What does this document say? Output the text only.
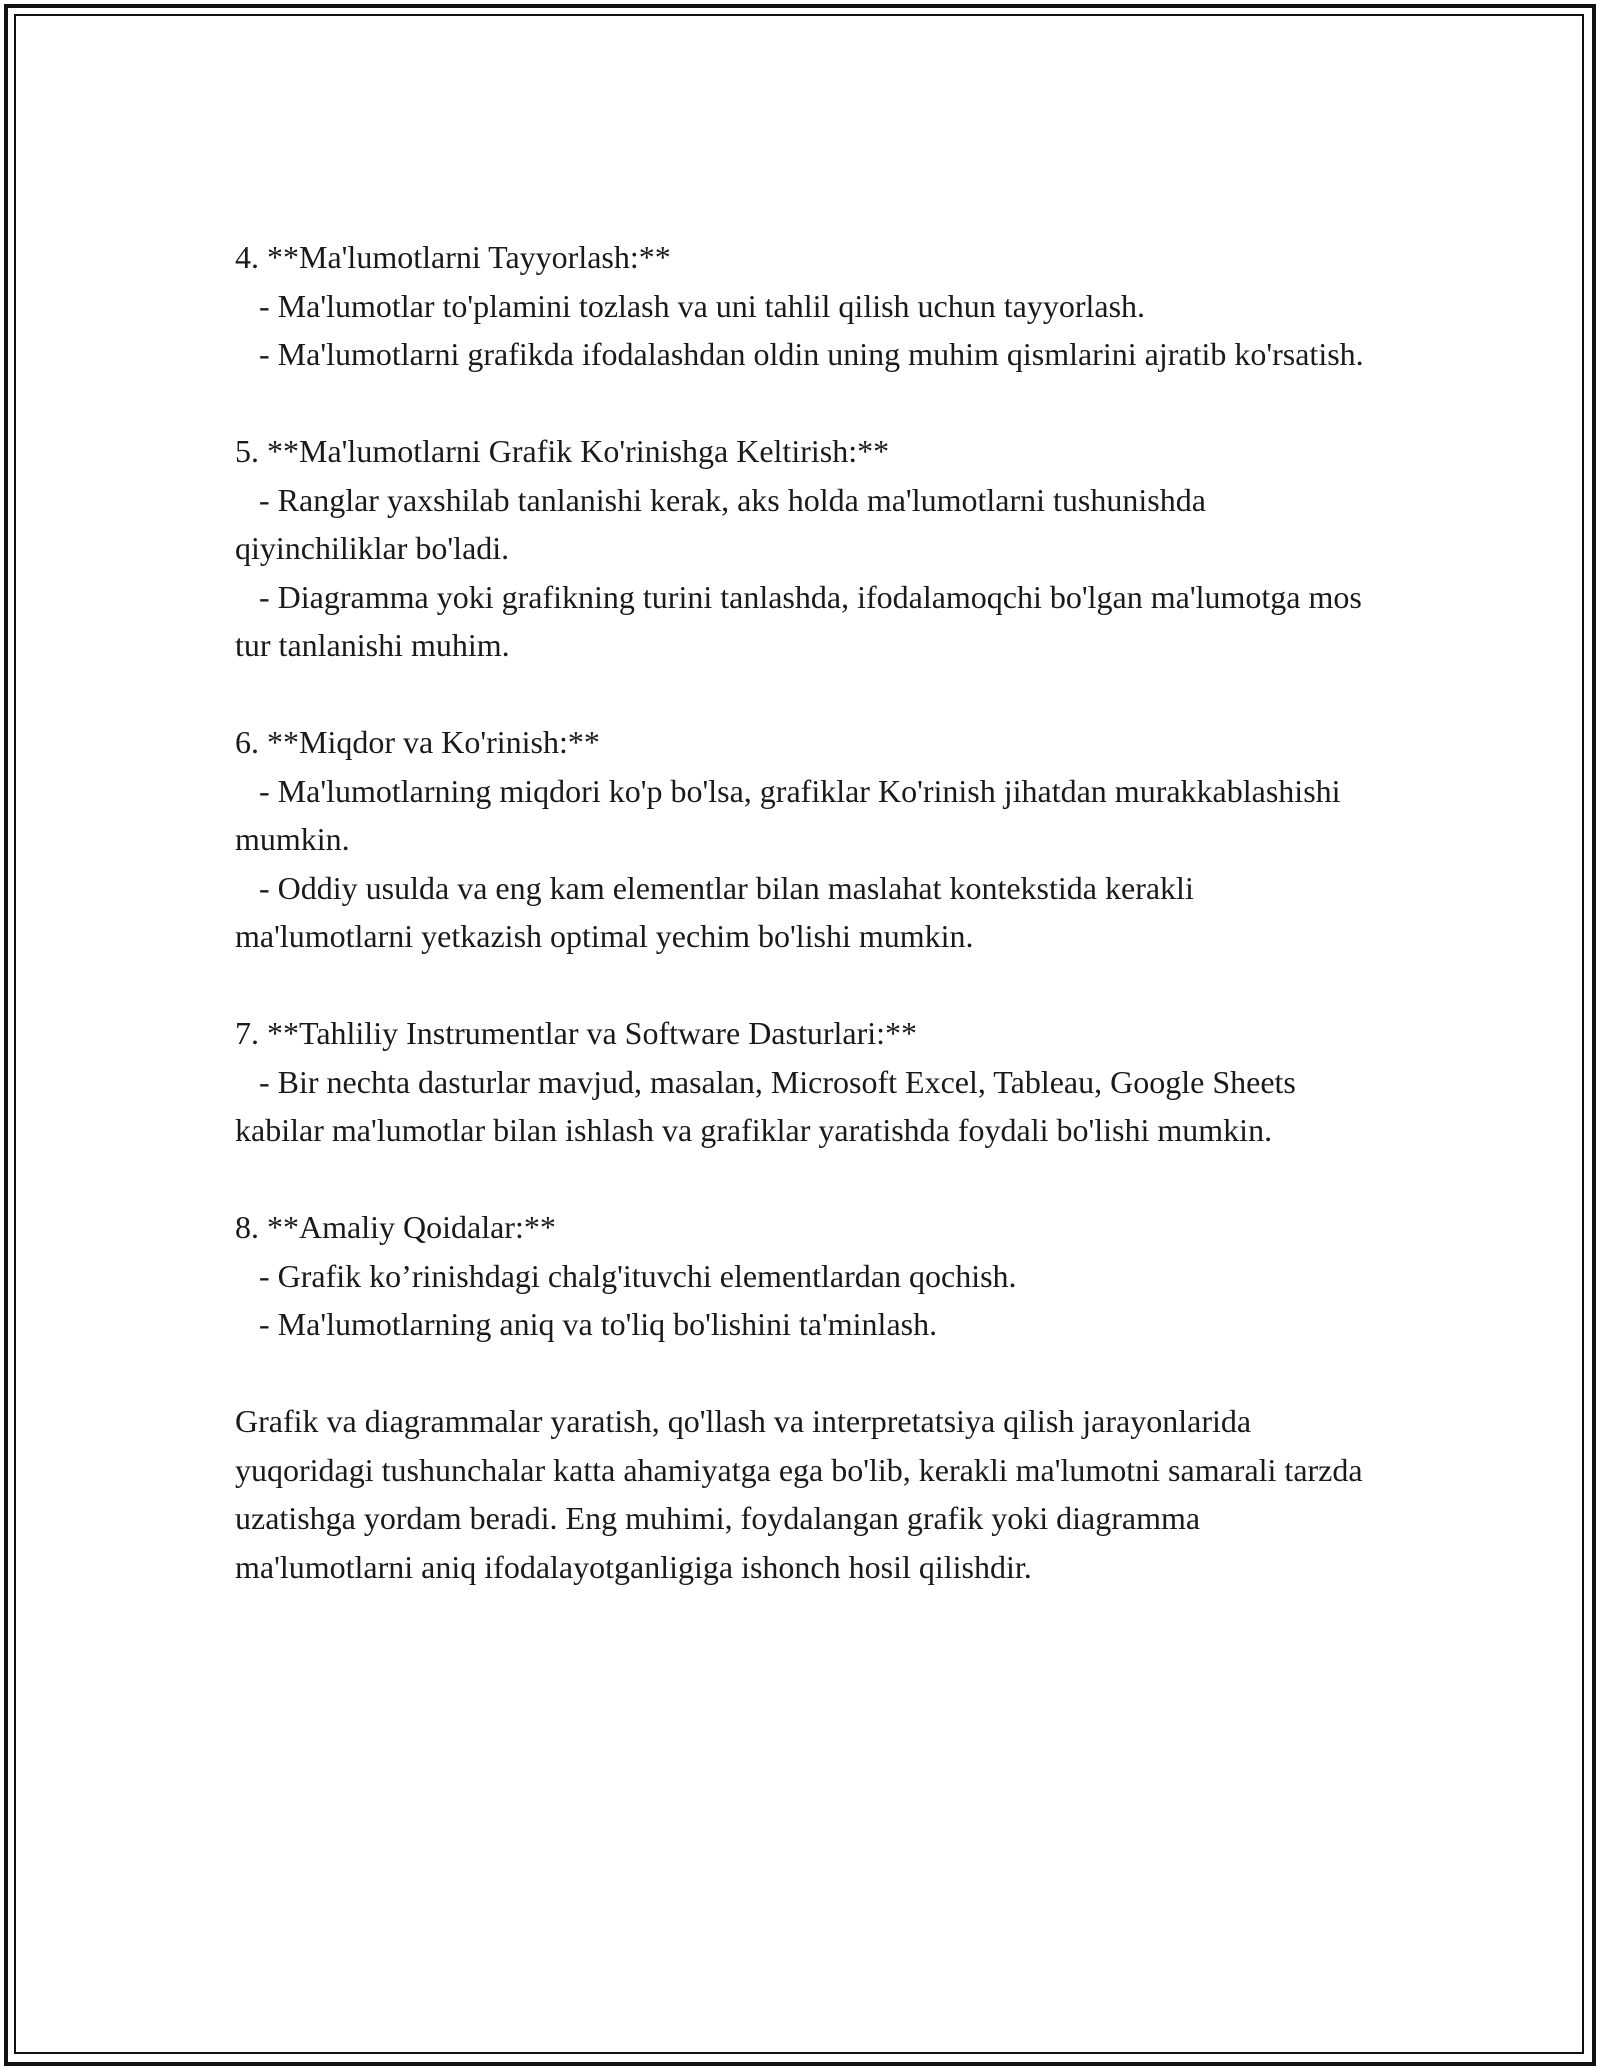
4. **Ma'lumotlarni Tayyorlash:**
- Ma'lumotlar to'plamini tozlash va uni tahlil qilish uchun tayyorlash.
- Ma'lumotlarni grafikda ifodalashdan oldin uning muhim qismlarini ajratib ko'rsatish.
5. **Ma'lumotlarni Grafik Ko'rinishga Keltirish:**
- Ranglar yaxshilab tanlanishi kerak, aks holda ma'lumotlarni tushunishda qiyinchiliklar bo'ladi.
- Diagramma yoki grafikning turini tanlashda, ifodalamoqchi bo'lgan ma'lumotga mos tur tanlanishi muhim.
6. **Miqdor va Ko'rinish:**
- Ma'lumotlarning miqdori ko'p bo'lsa, grafiklar Ko'rinish jihatdan murakkablashishi mumkin.
- Oddiy usulda va eng kam elementlar bilan maslahat kontekstida kerakli ma'lumotlarni yetkazish optimal yechim bo'lishi mumkin.
7. **Tahliliy Instrumentlar va Software Dasturlari:**
- Bir nechta dasturlar mavjud, masalan, Microsoft Excel, Tableau, Google Sheets kabilar ma'lumotlar bilan ishlash va grafiklar yaratishda foydali bo'lishi mumkin.
8. **Amaliy Qoidalar:**
- Grafik ko’rinishdagi chalg'ituvchi elementlardan qochish.
- Ma'lumotlarning aniq va to'liq bo'lishini ta'minlash.

Grafik va diagrammalar yaratish, qo'llash va interpretatsiya qilish jarayonlarida yuqoridagi tushunchalar katta ahamiyatga ega bo'lib, kerakli ma'lumotni samarali tarzda uzatishga yordam beradi. Eng muhimi, foydalangan grafik yoki diagramma ma'lumotlarni aniq ifodalayotganligiga ishonch hosil qilishdir.
